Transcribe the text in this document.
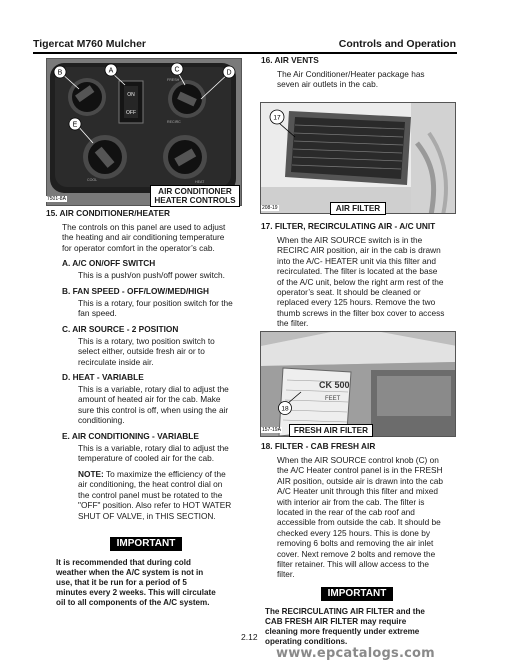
Tigercat M760 Mulcher	Controls and Operation
ON
OFF
COOL
FRESH
HEAT
RECIRC
B	A	C	D
E
7501-8A
AIR CONDITIONER
HEATER CONTROLS
15. AIR CONDITIONER/HEATER
The controls on this panel are used to adjust
the heating and air conditioning temperature
for operator comfort in the operator’s cab.
A. A/C ON/OFF SWITCH
This is a push/on push/off power switch.
B. FAN SPEED - OFF/LOW/MED/HIGH
This is a rotary, four position switch for the
fan speed.
C. AIR SOURCE - 2 POSITION
This is a rotary, two position switch to
select either, outside fresh air or to
recirculate inside air.
D. HEAT - VARIABLE
This is a variable, rotary dial to adjust the
amount of heated air for the cab. Make
sure this control is off, when using the air
conditioning.
E. AIR CONDITIONING - VARIABLE
This is a variable, rotary dial to adjust the
temperature of cooled air for the cab.
NOTE: To maximize the efficiency of the
air conditioning, the heat control dial on
the control panel must be rotated to the
"OFF" position. Also refer to HOT WATER
SHUT OF VALVE, in THIS SECTION.
IMPORTANT
It is recommended that during cold
weather when the A/C system is not in
use, that it be run for a period of 5
minutes every 2 weeks. This will circulate
oil to all components of the A/C system.
16. AIR VENTS
The Air Conditioner/Heater package has
seven air outlets in the cab.
17
208-19	AIR FILTER
17. FILTER, RECIRCULATING AIR - A/C UNIT
When the AIR SOURCE switch is in the
RECIRC AIR position, air in the cab is drawn
into the A/C- HEATER unit via this filter and
recirculated. The filter is located at the base
of the A/C unit, below the right arm rest of the
operator’s seat. It should be cleaned or
replaced every 125 hours. Remove the two
thumb screws in the filter box cover to access
the filter.
CK 500
FEET
18
157-19A	FRESH AIR FILTER
18. FILTER - CAB FRESH AIR
When the AIR SOURCE control knob (C) on
the A/C Heater control panel is in the FRESH
AIR position, outside air is drawn into the cab
A/C Heater unit through this filter and mixed
with interior air from the cab. The filter is
located in the rear of the cab roof and
accessible from outside the cab. It should be
checked every 125 hours. This is done by
removing 6 bolts and removing the air inlet
cover. Next remove 2 bolts and remove the
filter retainer. This will allow access to the
filter.
IMPORTANT
The RECIRCULATING AIR FILTER and the
CAB FRESH AIR FILTER may require
cleaning more frequently under extreme
operating conditions.
2.12
www.epcatalogs.com
